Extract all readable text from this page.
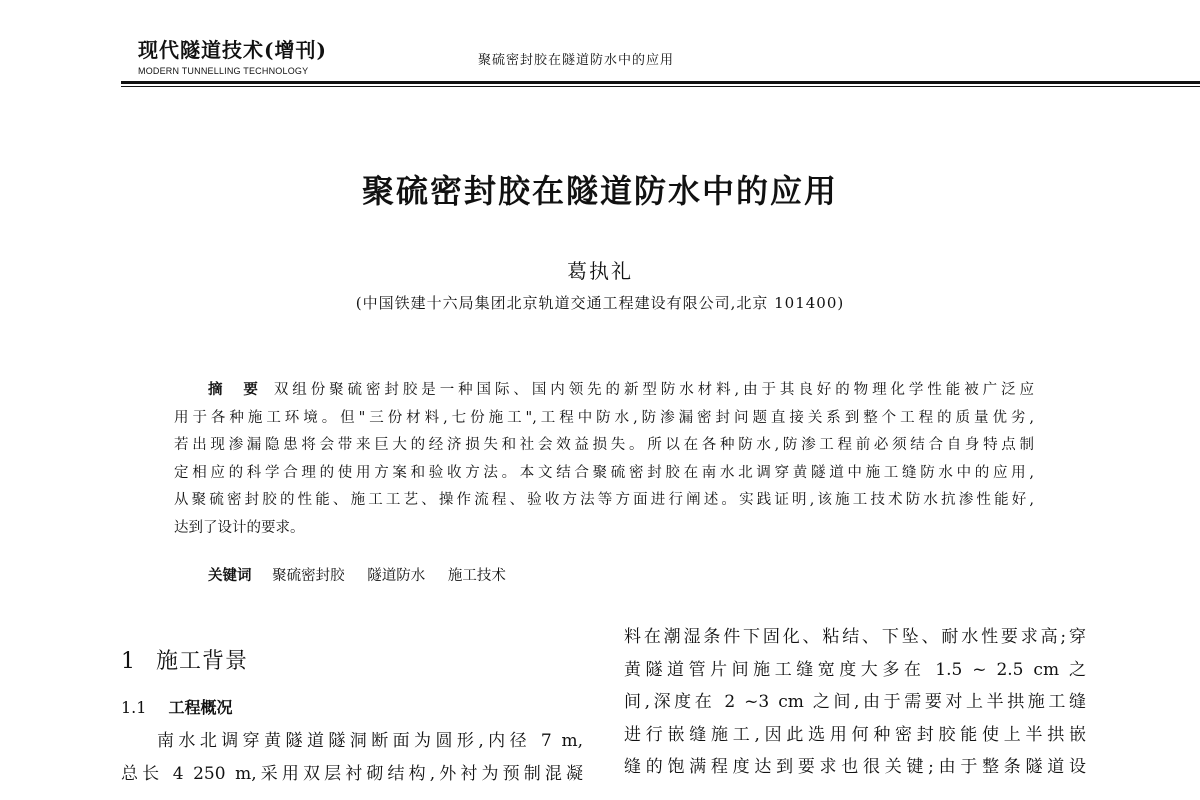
现代隧道技术(增刊)
MODERN TUNNELLING TECHNOLOGY
聚硫密封胶在隧道防水中的应用
聚硫密封胶在隧道防水中的应用
葛执礼
(中国铁建十六局集团北京轨道交通工程建设有限公司,北京 101400)
摘 要 双组份聚硫密封胶是一种国际、国内领先的新型防水材料,由于其良好的物理化学性能被广泛应
用于各种施工环境。但"三份材料,七份施工",工程中防水,防渗漏密封问题直接关系到整个工程的质量优劣,
若出现渗漏隐患将会带来巨大的经济损失和社会效益损失。所以在各种防水,防渗工程前必须结合自身特点制
定相应的科学合理的使用方案和验收方法。本文结合聚硫密封胶在南水北调穿黄隧道中施工缝防水中的应用,
从聚硫密封胶的性能、施工工艺、操作流程、验收方法等方面进行阐述。实践证明,该施工技术防水抗渗性能好,
达到了设计的要求。
关键词 聚硫密封胶 隧道防水 施工技术
1 施工背景
1.1 工程概况
南水北调穿黄隧道隧洞断面为圆形,内径 7 m,
总长 4 250 m,采用双层衬砌结构,外衬为预制混凝
料在潮湿条件下固化、粘结、下坠、耐水性要求高;穿
黄隧道管片间施工缝宽度大多在 1.5 ~ 2.5 cm 之
间,深度在 2 ~3 cm 之间,由于需要对上半拱施工缝
进行嵌缝施工,因此选用何种密封胶能使上半拱嵌
缝的饱满程度达到要求也很关键;由于整条隧道设
